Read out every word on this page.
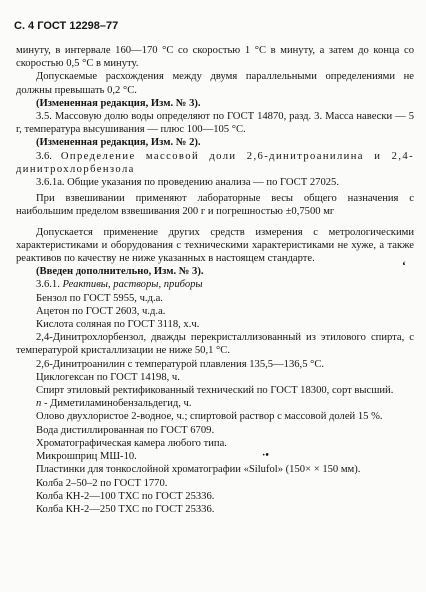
С. 4 ГОСТ 12298–77

минуту, в интервале 160—170 °С со скоростью 1 °С в минуту, а затем до конца со скоростью 0,5 °С в минуту.

Допускаемые расхождения между двумя параллельными определениями не должны превышать 0,2 °С.

(Измененная редакция, Изм. № 3).

3.5. Массовую долю воды определяют по ГОСТ 14870, разд. 3. Масса навески — 5 г, температура высушивания — плюс 100—105 °С.

(Измененная редакция, Изм. № 2).

3.6. Определение массовой доли 2,6-динитроанилина и 2,4-динитрохлорбензола

3.6.1а. Общие указания по проведению анализа — по ГОСТ 27025.

При взвешивании применяют лабораторные весы общего назначения с наибольшим пределом взвешивания 200 г и погрешностью ±0,7500 мг

Допускается применение других средств измерения с метрологическими характеристиками и оборудования с техническими характеристиками не хуже, а также реактивов по качеству не ниже указанных в настоящем стандарте.

(Введен дополнительно, Изм. № 3).

3.6.1. Реактивы, растворы, приборы

Бензол по ГОСТ 5955, ч.д.а.

Ацетон по ГОСТ 2603, ч.д.а.

Кислота соляная по ГОСТ 3118, х.ч.

2,4-Динитрохлорбензол, дважды перекристаллизованный из этилового спирта, с температурой кристаллизации не ниже 50,1 °С.

2,6-Динитроанилин с температурой плавления 135,5—136,5 °С.

Циклогексан по ГОСТ 14198, ч.

Спирт этиловый ректификованный технический по ГОСТ 18300, сорт высший.

n - Диметиламинобензальдегид, ч.

Олово двухлористое 2-водное, ч.; спиртовой раствор с массовой долей 15 %.

Вода дистиллированная по ГОСТ 6709.

Хроматографическая камера любого типа.

Микрошприц МШ-10.

Пластинки для тонкослойной хроматографии «Silufol» (150× × 150 мм).

Колба 2–50–2 по ГОСТ 1770.

Колба КН-2—100 ТХС по ГОСТ 25336.

Колба КН-2—250 ТХС по ГОСТ 25336.

ʻ
·•
